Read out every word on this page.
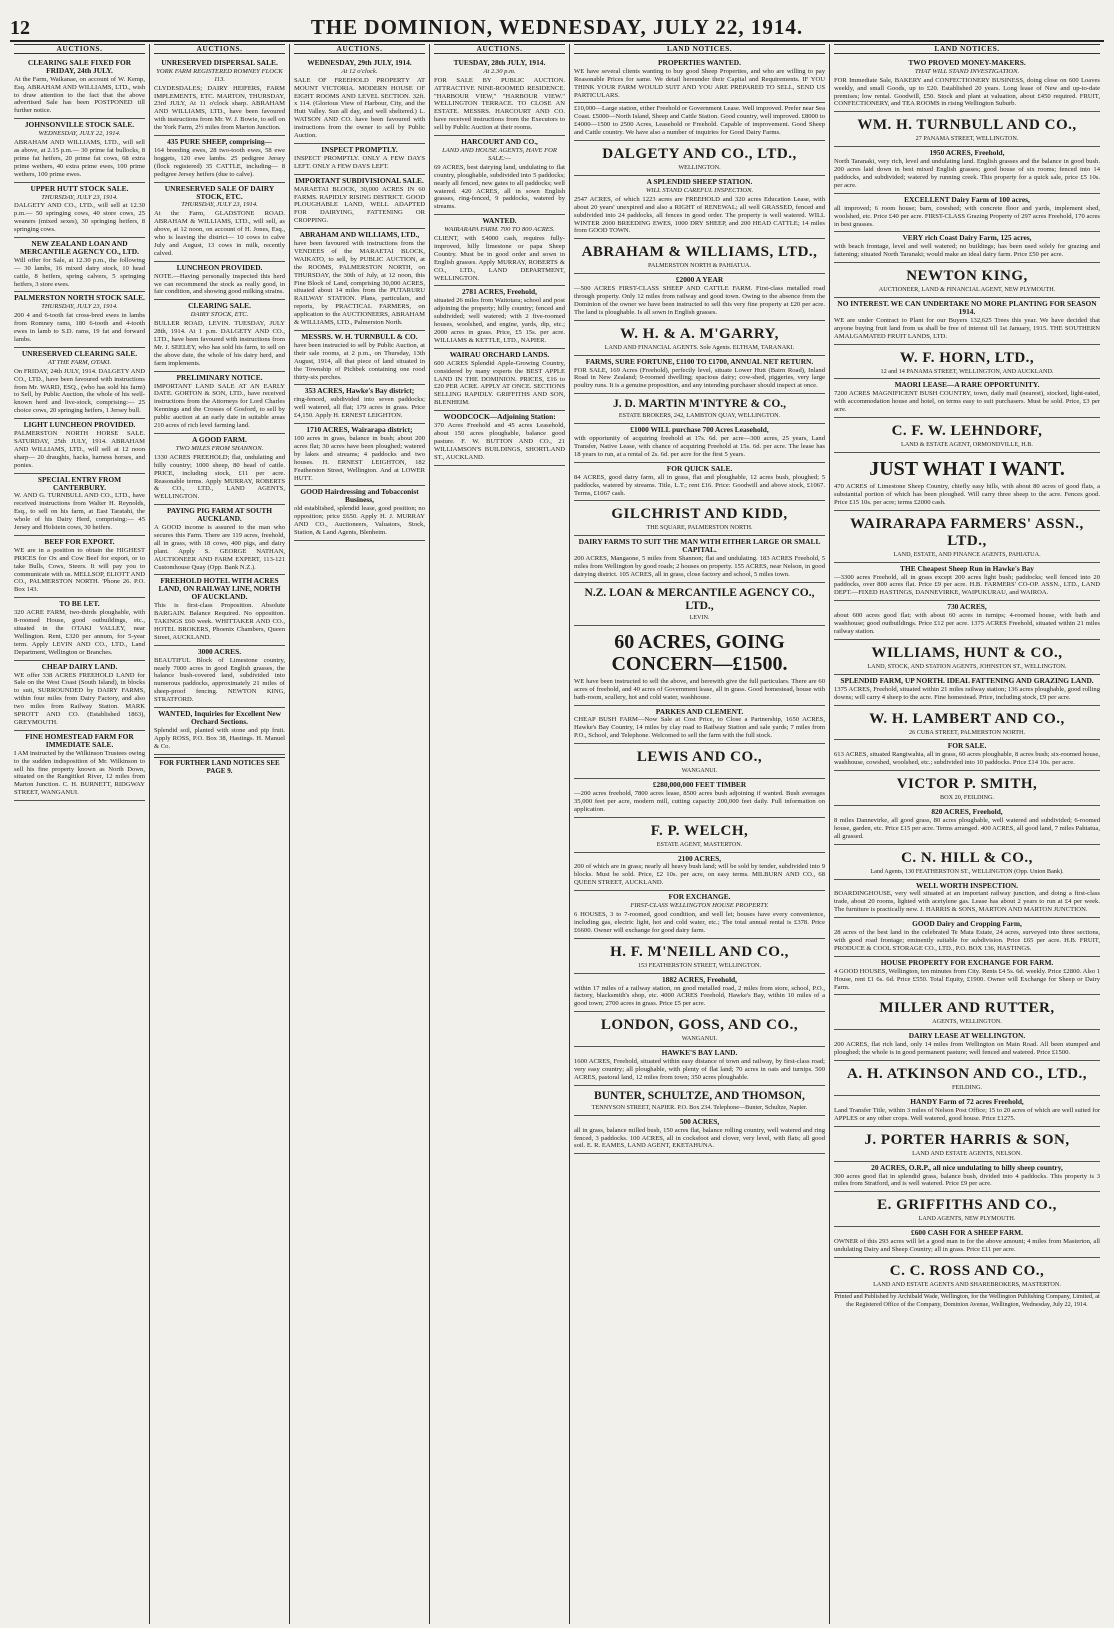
12	THE DOMINION, WEDNESDAY, JULY 22, 1914.
AUCTIONS.
CLEARING SALE FIXED FOR FRIDAY, 24th JULY.
At the Farm, Waikanae, on account of W. Kemp, Esq. ABRAHAM AND WILLIAMS, LTD., wish to draw attention to the fact that the above advertised Sale has been POSTPONED till further notice.
JOHNSONVILLE STOCK SALE.
WEDNESDAY, JULY 22, 1914.
ABRAHAM AND WILLIAMS, LTD., will sell as above, at 2.15 p.m.— 30 prime fat bullocks, 8 prime fat heifers, 20 prime fat cows, 68 extra prime wethers, 40 extra prime ewes, 100 prime wethers, 100 prime ewes.
UPPER HUTT STOCK SALE.
THURSDAY, JULY 23, 1914.
DALGETY AND CO., LTD., will sell at 12.30 p.m.— 50 springing cows, 40 store cows, 25 weaners (mixed sexes), 30 springing heifers, 8 springing cows.
NEW ZEALAND LOAN AND MERCANTILE AGENCY CO., LTD.
Will offer for Sale, at 12.30 p.m., the following— 30 lambs, 16 mixed dairy stock, 10 head cattle, 8 heifers, spring calvers, 5 springing heifers, 3 store ewes.
PALMERSTON NORTH STOCK SALE.
THURSDAY, JULY 23, 1914.
200 4 and 6-tooth fat cross-bred ewes in lambs from Romney rams, 180 6-tooth and 4-tooth ewes in lamb to S.D. rams, 19 fat and forward lambs.
UNRESERVED CLEARING SALE.
AT THE FARM, OTAKI.
On FRIDAY, 24th JULY, 1914. DALGETY AND CO., LTD., have been favoured with instructions from Mr. WARD, ESQ., (who has sold his farm) to Sell, by Public Auction, the whole of his well-known herd and live-stock, comprising:— 25 choice cows, 20 springing heifers, 1 Jersey bull.
LIGHT LUNCHEON PROVIDED.
PALMERSTON NORTH HORSE SALE. SATURDAY, 25th JULY, 1914. ABRAHAM AND WILLIAMS, LTD., will sell at 12 noon sharp— 20 draughts, hacks, harness horses, and ponies.
SPECIAL ENTRY FROM CANTERBURY.
W. AND G. TURNBULL AND CO., LTD., have received instructions from Walter H. Reynolds, Esq., to sell on his farm, at East Taratahi, the whole of his Dairy Herd, comprising:— 45 Jersey and Holstein cows, 30 heifers.
BEEF FOR EXPORT.
WE are in a position to obtain the HIGHEST PRICES for Ox and Cow Beef for export, or to take Bulls, Cows, Steers. It will pay you to communicate with us. MELLSOP, ELIOTT AND CO., PALMERSTON NORTH. 'Phone 26. P.O. Box 143.
TO BE LET.
320 ACRE FARM, two-thirds ploughable, with 8-roomed House, good outbuildings, etc., situated in the OTAKI VALLEY, near Wellington. Rent, £320 per annum, for 5-year term. Apply LEVIN AND CO., LTD., Land Department, Wellington or Branches.
CHEAP DAIRY LAND.
WE offer 338 ACRES FREEHOLD LAND for Sale on the West Coast (South Island), in blocks to suit, SURROUNDED by DAIRY FARMS, within four miles from Dairy Factory, and also two miles from Railway Station. MARK SPROTT AND CO. (Established 1863), GREYMOUTH.
FINE HOMESTEAD FARM FOR IMMEDIATE SALE.
I AM instructed by the Wilkinson Trustees owing to the sudden indisposition of Mr. Wilkinson to sell his fine property known as North Down, situated on the Rangitikei River, 12 miles from Marton Junction. C. H. BURNETT, RIDGWAY STREET, WANGANUI.
AUCTIONS.
UNRESERVED DISPERSAL SALE.
YORK FARM REGISTERED ROMNEY FLOCK 113.
CLYDESDALES; DAIRY HEIFERS, FARM IMPLEMENTS, ETC. MARTON, THURSDAY, 23rd JULY, At 11 o'clock sharp. ABRAHAM AND WILLIAMS, LTD., have been favoured with instructions from Mr. W. J. Bowie, to sell on the York Farm, 2½ miles from Marton Junction.
435 PURE SHEEP, comprising—
164 breeding ewes, 28 two-tooth ewes, 58 ewe hoggets, 120 ewe lambs. 25 pedigree Jersey (flock registered) 35 CATTLE, including— 8 pedigree Jersey heifers (due to calve).
UNRESERVED SALE OF DAIRY STOCK, ETC.
THURSDAY, JULY 23, 1914.
At the Farm, GLADSTONE ROAD. ABRAHAM & WILLIAMS, LTD., will sell, as above, at 12 noon, on account of H. Jones, Esq., who is leaving the district— 10 cows to calve July and August, 13 cows in milk, recently calved.
LUNCHEON PROVIDED.
NOTE.—Having personally inspected this herd we can recommend the stock as really good, in fair condition, and showing good milking strains.
CLEARING SALE.
DAIRY STOCK, ETC.
BULLER ROAD, LEVIN. TUESDAY, JULY 28th, 1914. At 1 p.m. DALGETY AND CO., LTD., have been favoured with instructions from Mr. J. SEELEY, who has sold his farm, to sell on the above date, the whole of his dairy herd, and farm implements.
PRELIMINARY NOTICE.
IMPORTANT LAND SALE AT AN EARLY DATE. GORTON & SON, LTD., have received instructions from the Attorneys for Lord Charles Kennings and the Crosses of Gosford, to sell by public auction at an early date in suitable areas 210 acres of rich level farming land.
A GOOD FARM.
TWO MILES FROM SHANNON.
1330 ACRES FREEHOLD; flat, undulating and hilly country; 1000 sheep, 80 head of cattle. PRICE, including stock, £11 per acre. Reasonable terms. Apply MURRAY, ROBERTS & CO., LTD., LAND AGENTS, WELLINGTON.
PAYING PIG FARM AT SOUTH AUCKLAND.
A GOOD income is assured to the man who secures this Farm. There are 119 acres, freehold, all in grass, with 18 cows, 400 pigs, and dairy plant. Apply S. GEORGE NATHAN, AUCTIONEER AND FARM EXPERT, 113-121 Customhouse Quay (Opp. Bank N.Z.).
FREEHOLD HOTEL WITH ACRES LAND, ON RAILWAY LINE, NORTH OF AUCKLAND.
This is first-class Proposition. Absolute BARGAIN. Balance Required. No opposition. TAKINGS £60 week. WHITTAKER AND CO., HOTEL BROKERS, Phoenix Chambers, Queen Street, AUCKLAND.
3000 ACRES.
BEAUTIFUL Block of Limestone country, nearly 7000 acres in good English grasses, the balance bush-covered land, subdivided into numerous paddocks, approximately 21 miles of sheep-proof fencing. NEWTON KING, STRATFORD.
WANTED, Inquiries for Excellent New Orchard Sections.
Splendid soil, planted with stone and pip fruit. Apply ROSS, P.O. Box 38, Hastings. H. Manuel & Co.
FOR FURTHER LAND NOTICES SEE PAGE 9.
AUCTIONS.
WEDNESDAY, 29th JULY, 1914.
At 12 o'clock.
SALE OF FREEHOLD PROPERTY AT MOUNT VICTORIA. MODERN HOUSE OF EIGHT ROOMS AND LEVEL SECTION. 32ft. x 114. (Glorious View of Harbour, City, and the Hutt Valley. Sun all day, and well sheltered.) L. WATSON AND CO. have been favoured with instructions from the owner to sell by Public Auction.
INSPECT PROMPTLY.
INSPECT PROMPTLY. ONLY A FEW DAYS LEFT. ONLY A FEW DAYS LEFT.
IMPORTANT SUBDIVISIONAL SALE.
MARAETAI BLOCK, 30,000 ACRES IN 60 FARMS. RAPIDLY RISING DISTRICT. GOOD PLOUGHABLE LAND, WELL ADAPTED FOR DAIRYING, FATTENING OR CROPPING.
ABRAHAM AND WILLIAMS, LTD.,
have been favoured with instructions from the VENDEES of the MARAETAI BLOCK, WAIKATO, to sell, by PUBLIC AUCTION, at the ROOMS, PALMERSTON NORTH, on THURSDAY, the 30th of July, at 12 noon, this Fine Block of Land, comprising 30,000 ACRES, situated about 14 miles from the PUTARURU RAILWAY STATION. Plans, particulars, and reports, by PRACTICAL FARMERS, on application to the AUCTIONEERS, ABRAHAM & WILLIAMS, LTD., Palmerston North.
MESSRS. W. H. TURNBULL & CO.
have been instructed to sell by Public Auction, at their sale rooms, at 2 p.m., on Thursday, 13th August, 1914, all that piece of land situated in the Township of Pichbek containing one rood thirty-six perches.
353 ACRES, Hawke's Bay district;
ring-fenced, subdivided into seven paddocks; well watered, all flat; 179 acres in grass. Price £4,150. Apply H. ERNEST LEIGHTON.
1710 ACRES, Wairarapa district;
100 acres in grass, balance in bush; about 200 acres flat; 30 acres have been ploughed; watered by lakes and streams; 4 paddocks and two houses. H. ERNEST LEIGHTON, 182 Featherston Street, Wellington. And at LOWER HUTT.
GOOD Hairdressing and Tobacconist Business,
old established, splendid lease, good position; no opposition; price £650. Apply H. J. MURRAY AND CO., Auctioneers, Valuators, Stock, Station, & Land Agents, Blenheim.
AUCTIONS.
TUESDAY, 28th JULY, 1914.
At 2.30 p.m.
FOR SALE BY PUBLIC AUCTION. ATTRACTIVE NINE-ROOMED RESIDENCE. "HARBOUR VIEW," "HARBOUR VIEW." WELLINGTON TERRACE. TO CLOSE AN ESTATE. MESSRS. HARCOURT AND CO. have received instructions from the Executors to sell by Public Auction at their rooms.
HARCOURT AND CO.,
LAND AND HOUSE AGENTS, HAVE FOR SALE:—
69 ACRES, best dairying land, undulating to flat country, ploughable, subdivided into 5 paddocks; nearly all fenced, new gates to all paddocks; well watered. 420 ACRES, all in sown English grasses, ring-fenced, 9 paddocks, watered by streams.
WANTED.
WAIRARAPA FARM. 700 TO 800 ACRES.
CLIENT, with £4000 cash, requires fully-improved, hilly limestone or papa Sheep Country. Must be in good order and sown in English grasses. Apply MURRAY, ROBERTS & CO., LTD., LAND DEPARTMENT, WELLINGTON.
2781 ACRES, Freehold,
situated 26 miles from Waitotara; school and post adjoining the property; hilly country; fenced and subdivided; well watered; with 2 five-roomed houses, woolshed, and engine, yards, dip, etc.; 2000 acres in grass. Price, £5 15s. per acre. WILLIAMS & KETTLE, LTD., NAPIER.
WAIRAU ORCHARD LANDS.
600 ACRES Splendid Apple-Growing Country, considered by many experts the BEST APPLE LAND IN THE DOMINION. PRICES, £16 to £20 PER ACRE. APPLY AT ONCE. SECTIONS SELLING RAPIDLY. GRIFFITHS AND SON, BLENHEIM.
WOODCOCK—Adjoining Station:
370 Acres Freehold and 45 acres Leasehold, about 150 acres ploughable, balance good pasture. F. W. BUTTON AND CO., 21 WILLIAMSON'S BUILDINGS, SHORTLAND ST., AUCKLAND.
LAND NOTICES.
PROPERTIES WANTED.
WE have several clients wanting to buy good Sheep Properties, and who are willing to pay Reasonable Prices for same. We detail hereunder their Capital and Requirements. IF YOU THINK YOUR FARM WOULD SUIT AND YOU ARE PREPARED TO SELL, SEND US PARTICULARS.
£10,000—Large station, either Freehold or Government Lease. Well improved. Prefer near Sea Coast. £5000—North Island, Sheep and Cattle Station. Good country, well improved. £8000 to £4000—1500 to 2500 Acres, Leasehold or Freehold. Capable of improvement. Good Sheep and Cattle country. We have also a number of inquiries for Good Dairy Farms.
DALGETY AND CO., LTD.,
WELLINGTON.
A SPLENDID SHEEP STATION.
WILL STAND CAREFUL INSPECTION.
2547 ACRES, of which 1223 acres are FREEHOLD and 320 acres Education Lease, with about 20 years' unexpired and also a RIGHT of RENEWAL; all well GRASSED, fenced and subdivided into 24 paddocks, all fences in good order. The property is well watered. WILL WINTER 2000 BREEDING EWES, 1000 DRY SHEEP, and 200 HEAD CATTLE; 14 miles from GOOD TOWN.
ABRAHAM & WILLIAMS, LTD.,
PALMERSTON NORTH & PAHIATUA.
£2000 A YEAR
—500 ACRES FIRST-CLASS SHEEP AND CATTLE FARM. First-class metalled road through property. Only 12 miles from railway and good town. Owing to the absence from the Dominion of the owner we have been instructed to sell this very fine property at £20 per acre. The land is ploughable. Is all sown in English grasses.
W. H. & A. M'GARRY,
LAND AND FINANCIAL AGENTS. Sole Agents. ELTHAM, TARANAKI.
FARMS, SURE FORTUNE, £1100 TO £1700, ANNUAL NET RETURN.
FOR SALE, 169 Acres (Freehold), perfectly level, situate Lower Hutt (Bairn Road), Inland Road in New Zealand; 9-roomed dwelling; spacious dairy; cow-shed, piggeries, very large poultry runs. It is a genuine proposition, and any intending purchaser should inspect at once.
J. D. MARTIN M'INTYRE & CO.,
ESTATE BROKERS, 242, LAMBTON QUAY, WELLINGTON.
£1000 WILL purchase 700 Acres Leasehold,
with opportunity of acquiring freehold at 17s. 6d. per acre—300 acres, 25 years, Land Transfer, Native Lease, with chance of acquiring Freehold at 15s. 6d. per acre. The lease has 18 years to run, at a rental of 2s. 6d. per acre for the first 5 years.
FOR QUICK SALE.
84 ACRES, good dairy farm, all in grass, flat and ploughable, 12 acres bush, ploughed; 5 paddocks, watered by streams. Title, L.T.; rent £16. Price: Goodwill and above stock, £1067. Terms, £1067 cash.
GILCHRIST AND KIDD,
THE SQUARE, PALMERSTON NORTH.
DAIRY FARMS TO SUIT THE MAN WITH EITHER LARGE OR SMALL CAPITAL.
200 ACRES, Mangaone, 5 miles from Shannon; flat and undulating. 183 ACRES Freehold, 5 miles from Wellington by good roads; 2 houses on property. 155 ACRES, near Nelson, in good dairying district. 105 ACRES, all in grass, close factory and school, 5 miles town.
N.Z. LOAN & MERCANTILE AGENCY CO., LTD.,
LEVIN.
60 ACRES, GOING CONCERN—£1500.
WE have been instructed to sell the above, and herewith give the full particulars. There are 60 acres of freehold, and 40 acres of Government lease, all in grass. Good homestead, house with bath-room, scullery, hot and cold water, washhouse.
PARKES AND CLEMENT.
CHEAP BUSH FARM—Now Sale at Cost Price, to Close a Partnership, 1650 ACRES, Hawke's Bay Country, 14 miles by clay road to Railway Station and sale yards; 7 miles from P.O., School, and Telephone. Welcomed to sell the farm with the full stock.
LEWIS AND CO.,
WANGANUI.
£280,000,000 FEET TIMBER
—200 acres freehold, 7800 acres lease, 8500 acres bush adjoining if wanted. Bush averages 35,000 feet per acre, modern mill, cutting capacity 200,000 feet daily. Full information on application.
F. P. WELCH,
ESTATE AGENT, MASTERTON.
2100 ACRES,
200 of which are in grass; nearly all heavy bush land; will be sold by tender, subdivided into 9 blocks. Must be sold. Price, £2 10s. per acre, on easy terms. MILBURN AND CO., 68 QUEEN STREET, AUCKLAND.
FOR EXCHANGE.
FIRST-CLASS WELLINGTON HOUSE PROPERTY.
6 HOUSES, 3 to 7-roomed, good condition, and well let; houses have every convenience, including gas, electric light, hot and cold water, etc.; The total annual rental is £378. Price £6600. Owner will exchange for good dairy farm.
H. F. M'NEILL AND CO.,
153 FEATHERSTON STREET, WELLINGTON.
1882 ACRES, Freehold,
within 17 miles of a railway station, on good metalled road, 2 miles from store, school, P.O., factory, blacksmith's shop, etc. 4000 ACRES Freehold, Hawke's Bay, within 10 miles of a good town; 2700 acres in grass. Price £5 per acre.
LONDON, GOSS, AND CO.,
WANGANUI.
HAWKE'S BAY LAND.
1600 ACRES, Freehold, situated within easy distance of town and railway, by first-class road; very easy country; all ploughable, with plenty of flat land; 70 acres in oats and turnips. 500 ACRES, pastoral land, 12 miles from town; 350 acres ploughable.
BUNTER, SCHULTZE, AND THOMSON,
TENNYSON STREET, NAPIER. P.O. Box 234. Telephone—Bunter, Schultze, Napier.
500 ACRES,
all in grass, balance milled bush, 150 acres flat, balance rolling country, well watered and ring fenced, 3 paddocks. 100 ACRES, all in cocksfoot and clover, very level, with flats; all good soil. E. R. EAMES, LAND AGENT, EKETAHUNA.
LAND NOTICES.
TWO PROVED MONEY-MAKERS.
THAT WILL STAND INVESTIGATION.
FOR Immediate Sale, BAKERY and CONFECTIONERY BUSINESS, doing close on 600 Loaves weekly, and small Goods, up to £20. Established 20 years. Long lease of New and up-to-date premises; low rental. Goodwill, £50. Stock and plant at valuation, about £450 required. FRUIT, CONFECTIONERY, and TEA ROOMS in rising Wellington Suburb.
WM. H. TURNBULL AND CO.,
27 PANAMA STREET, WELLINGTON.
1950 ACRES, Freehold,
North Taranaki, very rich, level and undulating land. English grasses and the balance in good bush. 200 acres laid down in best mixed English grasses; good house of six rooms; fenced into 14 paddocks, and subdivided; watered by running creek. This property for a quick sale, price £5 10s. per acre.
EXCELLENT Dairy Farm of 100 acres,
all improved; 6 room house; barn, cowshed; with concrete floor and yards, implement shed, woolshed, etc. Price £40 per acre. FIRST-CLASS Grazing Property of 297 acres Freehold, 170 acres in best grasses.
VERY rich Coast Dairy Farm, 125 acres,
with beach frontage, level and well watered; no buildings; has been used solely for grazing and fattening; situated North Taranaki; would make an ideal dairy farm. Price £50 per acre.
NEWTON KING,
AUCTIONEER, LAND & FINANCIAL AGENT, NEW PLYMOUTH.
NO INTEREST. WE CAN UNDERTAKE NO MORE PLANTING FOR SEASON 1914.
WE are under Contract to Plant for our Buyers 132,625 Trees this year. We have decided that anyone buying fruit land from us shall be free of interest till 1st January, 1915. THE SOUTHERN AMALGAMATED FRUIT LANDS, LTD.
W. F. HORN, LTD.,
12 and 14 PANAMA STREET, WELLINGTON, AND AUCKLAND.
MAORI LEASE—A RARE OPPORTUNITY.
7200 ACRES MAGNIFICENT BUSH COUNTRY, town, daily mail (nearest), stocked, light-rated, with accommodation house and hotel, on terms easy to suit purchasers. Must be sold. Price, £3 per acre.
C. F. W. LEHNDORF,
LAND & ESTATE AGENT, ORMONDVILLE, H.B.
JUST WHAT I WANT.
470 ACRES of Limestone Sheep Country, chiefly easy hills, with about 80 acres of good flats, a substantial portion of which has been ploughed. Will carry three sheep to the acre. Fences good. Price £15 10s. per acre; terms £2000 cash.
WAIRARAPA FARMERS' ASSN., LTD.,
LAND, ESTATE, AND FINANCE AGENTS, PAHIATUA.
THE Cheapest Sheep Run in Hawke's Bay
—3300 acres Freehold, all in grass except 200 acres light bush; paddocks; well fenced into 20 paddocks, over 800 acres flat. Price £9 per acre. H.B. FARMERS' CO-OP. ASSN., LTD., LAND DEPT.—FIXED HASTINGS, DANNEVIRKE, WAIPUKURAU, and WAIROA.
730 ACRES,
about 600 acres good flat; with about 60 acres in turnips; 4-roomed house, with bath and washhouse; good outbuildings. Price £12 per acre. 1375 ACRES Freehold, situated within 21 miles railway station.
WILLIAMS, HUNT & CO.,
LAND, STOCK, AND STATION AGENTS, JOHNSTON ST., WELLINGTON.
SPLENDID FARM, UP NORTH. IDEAL FATTENING AND GRAZING LAND.
1375 ACRES, Freehold, situated within 21 miles railway station; 136 acres ploughable, good rolling downs; will carry 4 sheep to the acre. Fine homestead. Price, including stock, £9 per acre.
W. H. LAMBERT AND CO.,
26 CUBA STREET, PALMERSTON NORTH.
FOR SALE.
613 ACRES, situated Rangiwahia, all in grass, 60 acres ploughable, 8 acres bush; six-roomed house, washhouse, cowshed, woolshed, etc.; subdivided into 10 paddocks. Price £14 10s. per acre.
VICTOR P. SMITH,
BOX 20, FEILDING.
820 ACRES, Freehold,
8 miles Dannevirke, all good grass, 80 acres ploughable, well watered and subdivided; 6-roomed house, garden, etc. Price £15 per acre. Terms arranged. 400 ACRES, all good land, 7 miles Pahiatua, all grassed.
C. N. HILL & CO.,
Land Agents, 130 FEATHERSTON ST., WELLINGTON (Opp. Union Bank).
WELL WORTH INSPECTION.
BOARDINGHOUSE, very well situated at an important railway junction, and doing a first-class trade, about 20 rooms, lighted with acetylene gas. Lease has about 2 years to run at £4 per week. The furniture is practically new. J. HARRIS & SONS, MARTON AND MARTON JUNCTION.
GOOD Dairy and Cropping Farm,
28 acres of the best land in the celebrated Te Mata Estate, 24 acres, surveyed into three sections, with good road frontage; eminently suitable for subdivision. Price £65 per acre. H.B. FRUIT, PRODUCE & COOL STORAGE CO., LTD., P.O. BOX 136, HASTINGS.
HOUSE PROPERTY FOR EXCHANGE FOR FARM.
4 GOOD HOUSES, Wellington, ten minutes from City. Rents £4 5s. 6d. weekly. Price £2800. Also 1 House, rent £1 6s. 6d. Price £550. Total Equity, £1900. Owner will Exchange for Sheep or Dairy Farm.
MILLER AND RUTTER,
AGENTS, WELLINGTON.
DAIRY LEASE AT WELLINGTON.
200 ACRES, flat rich land, only 14 miles from Wellington on Main Road. All been stumped and ploughed; the whole is in good permanent pasture; well fenced and watered. Price £1500.
A. H. ATKINSON AND CO., LTD.,
FEILDING.
HANDY Farm of 72 acres Freehold,
Land Transfer Title, within 3 miles of Nelson Post Office; 15 to 20 acres of which are well suited for APPLES or any other crops. Well watered, good house. Price £1275.
J. PORTER HARRIS & SON,
LAND AND ESTATE AGENTS, NELSON.
20 ACRES, O.R.P., all nice undulating to hilly sheep country,
300 acres good flat in splendid grass, balance bush, divided into 4 paddocks. This property is 3 miles from Stratford, and is well watered. Price £9 per acre.
E. GRIFFITHS AND CO.,
LAND AGENTS, NEW PLYMOUTH.
£600 CASH FOR A SHEEP FARM.
OWNER of this 293 acres will let a good man in for the above amount; 4 miles from Masterton, all undulating Dairy and Sheep Country; all in grass. Price £11 per acre.
C. C. ROSS AND CO.,
LAND AND ESTATE AGENTS AND SHAREBROKERS, MASTERTON.
Printed and Published by Archibald Wade, Wellington, for the Wellington Publishing Company, Limited, at the Registered Office of the Company, Dominion Avenue, Wellington, Wednesday, July 22, 1914.
